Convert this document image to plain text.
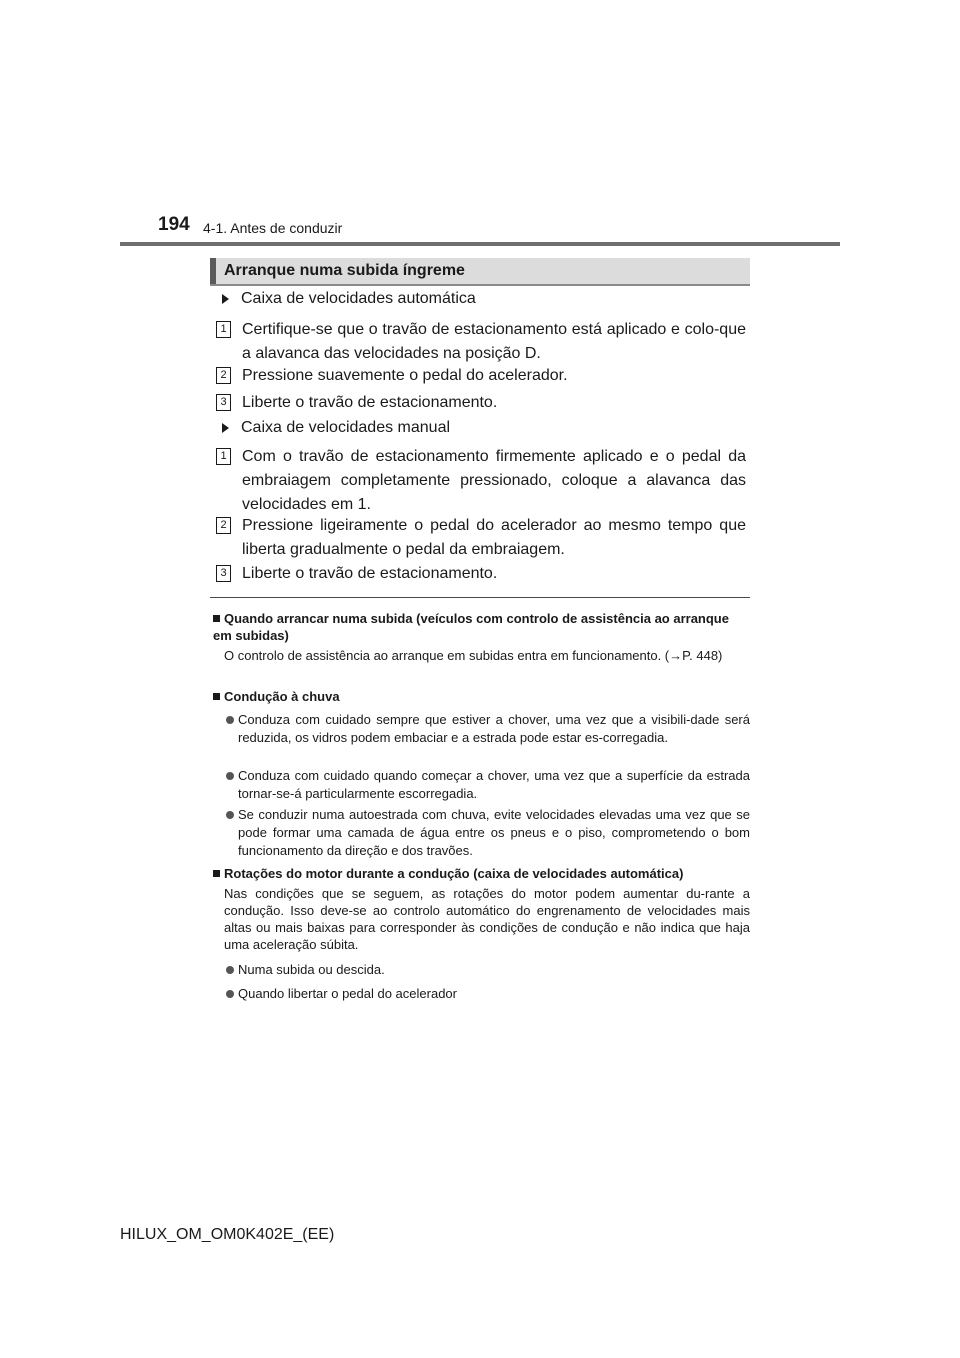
194 4-1. Antes de conduzir
Arranque numa subida íngreme
Caixa de velocidades automática
1 Certifique-se que o travão de estacionamento está aplicado e colo-que a alavanca das velocidades na posição D.
2 Pressione suavemente o pedal do acelerador.
3 Liberte o travão de estacionamento.
Caixa de velocidades manual
1 Com o travão de estacionamento firmemente aplicado e o pedal da embraiagem completamente pressionado, coloque a alavanca das velocidades em 1.
2 Pressione ligeiramente o pedal do acelerador ao mesmo tempo que liberta gradualmente o pedal da embraiagem.
3 Liberte o travão de estacionamento.
Quando arrancar numa subida (veículos com controlo de assistência ao arranque em subidas)
O controlo de assistência ao arranque em subidas entra em funcionamento. (→P. 448)
Condução à chuva
Conduza com cuidado sempre que estiver a chover, uma vez que a visibili-dade será reduzida, os vidros podem embaciar e a estrada pode estar es-corregadia.
Conduza com cuidado quando começar a chover, uma vez que a superfície da estrada tornar-se-á particularmente escorregadia.
Se conduzir numa autoestrada com chuva, evite velocidades elevadas uma vez que se pode formar uma camada de água entre os pneus e o piso, comprometendo o bom funcionamento da direção e dos travões.
Rotações do motor durante a condução (caixa de velocidades automática)
Nas condições que se seguem, as rotações do motor podem aumentar du-rante a condução. Isso deve-se ao controlo automático do engrenamento de velocidades mais altas ou mais baixas para corresponder às condições de condução e não indica que haja uma aceleração súbita.
Numa subida ou descida.
Quando libertar o pedal do acelerador
HILUX_OM_OM0K402E_(EE)
